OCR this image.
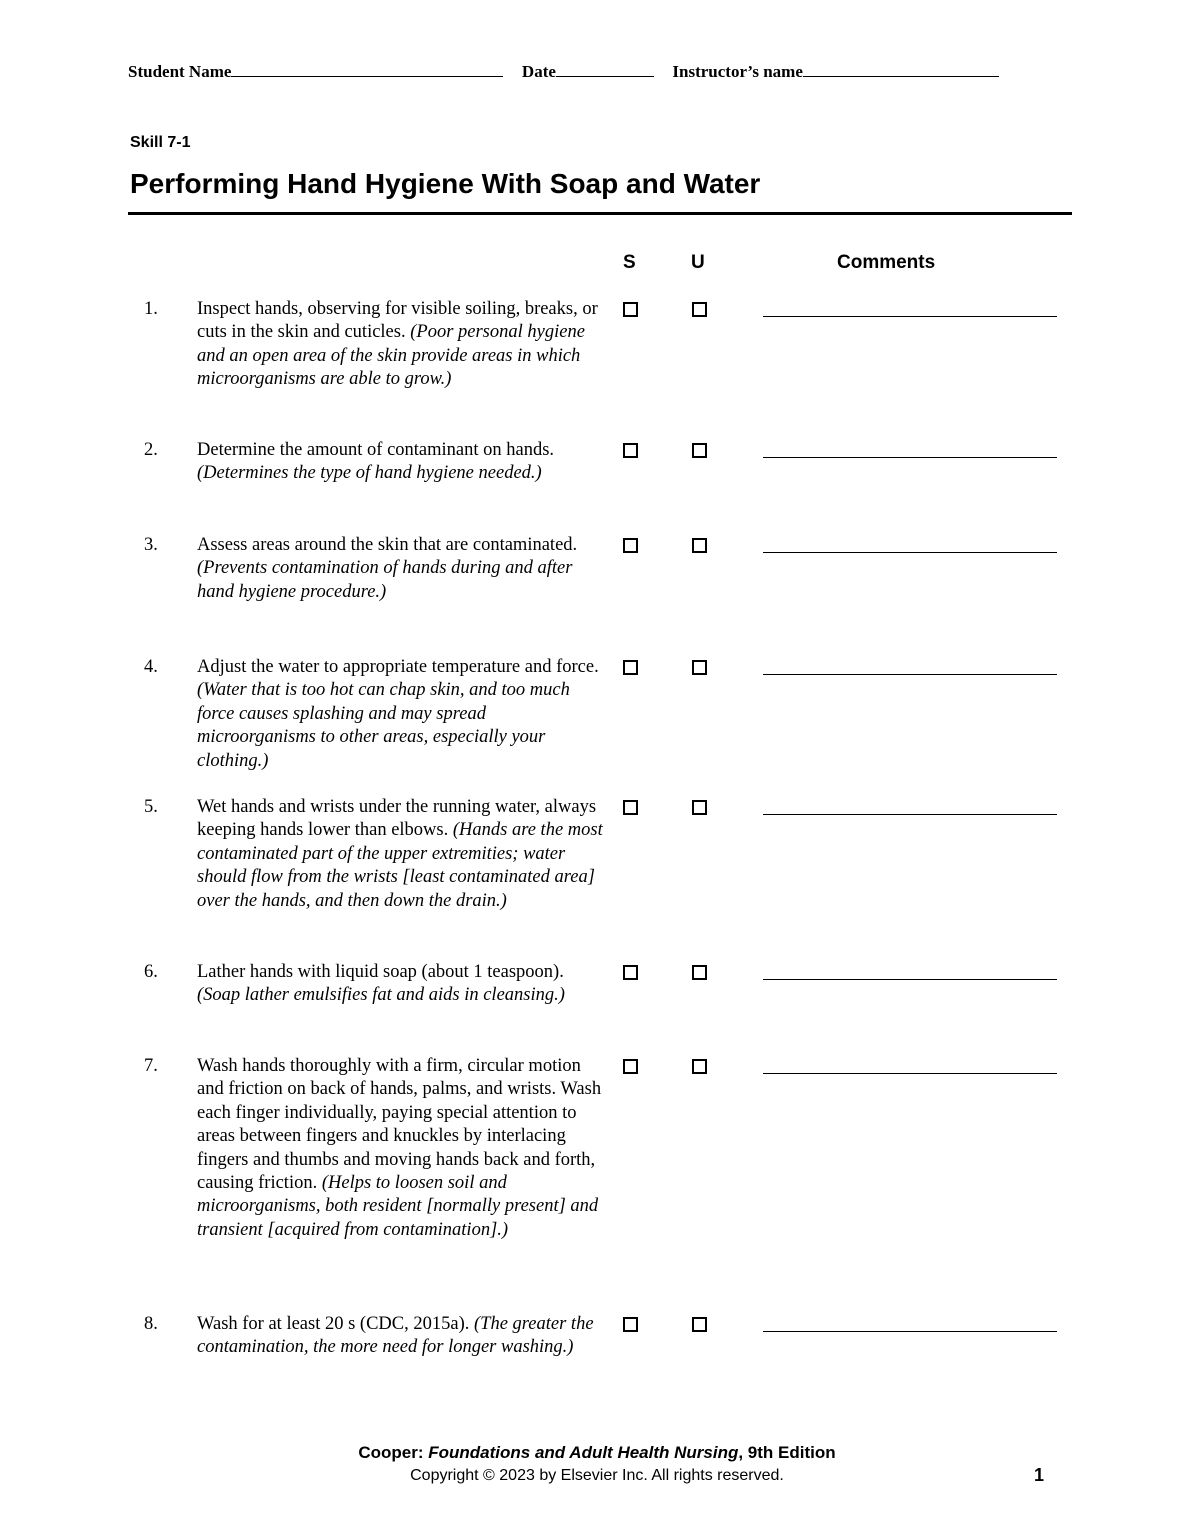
Student Name	Date	Instructor’s name
Skill 7-1
Performing Hand Hygiene With Soap and Water
S	U	Comments
1. Inspect hands, observing for visible soiling, breaks, or cuts in the skin and cuticles. (Poor personal hygiene and an open area of the skin provide areas in which microorganisms are able to grow.)
2. Determine the amount of contaminant on hands. (Determines the type of hand hygiene needed.)
3. Assess areas around the skin that are contaminated. (Prevents contamination of hands during and after hand hygiene procedure.)
4. Adjust the water to appropriate temperature and force. (Water that is too hot can chap skin, and too much force causes splashing and may spread microorganisms to other areas, especially your clothing.)
5. Wet hands and wrists under the running water, always keeping hands lower than elbows. (Hands are the most contaminated part of the upper extremities; water should flow from the wrists [least contaminated area] over the hands, and then down the drain.)
6. Lather hands with liquid soap (about 1 teaspoon). (Soap lather emulsifies fat and aids in cleansing.)
7. Wash hands thoroughly with a firm, circular motion and friction on back of hands, palms, and wrists. Wash each finger individually, paying special attention to areas between fingers and knuckles by interlacing fingers and thumbs and moving hands back and forth, causing friction. (Helps to loosen soil and microorganisms, both resident [normally present] and transient [acquired from contamination].)
8. Wash for at least 20 s (CDC, 2015a). (The greater the contamination, the more need for longer washing.)
Cooper: Foundations and Adult Health Nursing, 9th Edition
Copyright © 2023 by Elsevier Inc. All rights reserved.	1
